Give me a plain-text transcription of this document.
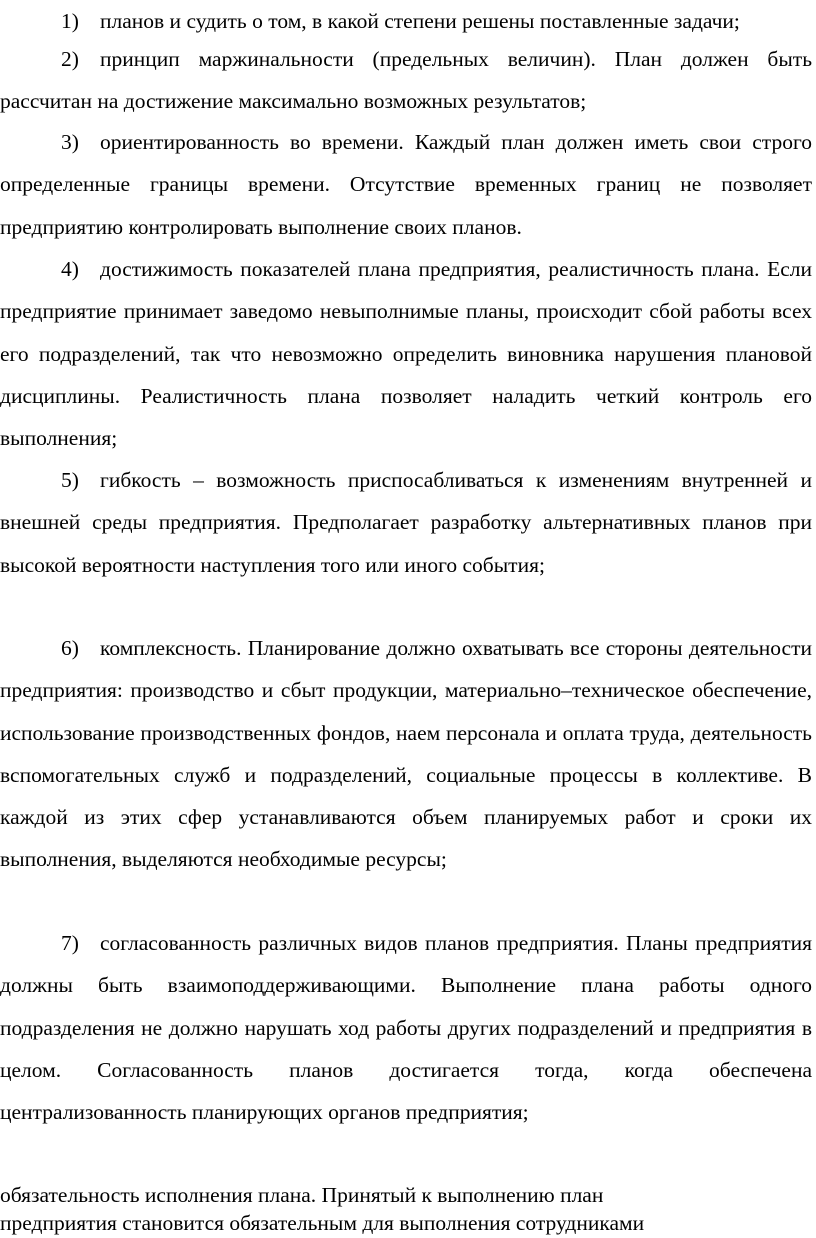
1) планов и судить о том, в какой степени решены поставленные задачи;

2) принцип маржинальности (предельных величин). План должен быть рассчитан на достижение максимально возможных результатов;

3) ориентированность во времени. Каждый план должен иметь свои строго определенные границы времени. Отсутствие временных границ не позволяет предприятию контролировать выполнение своих планов.

4) достижимость показателей плана предприятия, реалистичность плана. Если предприятие принимает заведомо невыполнимые планы, происходит сбой работы всех его подразделений, так что невозможно определить виновника нарушения плановой дисциплины. Реалистичность плана позволяет наладить четкий контроль его выполнения;

5) гибкость – возможность приспосабливаться к изменениям внутренней и внешней среды предприятия. Предполагает разработку альтернативных планов при высокой вероятности наступления того или иного события;

6) комплексность. Планирование должно охватывать все стороны деятельности предприятия: производство и сбыт продукции, материально–техническое обеспечение, использование производственных фондов, наем персонала и оплата труда, деятельность вспомогательных служб и подразделений, социальные процессы в коллективе. В каждой из этих сфер устанавливаются объем планируемых работ и сроки их выполнения, выделяются необходимые ресурсы;

7) согласованность различных видов планов предприятия. Планы предприятия должны быть взаимоподдерживающими. Выполнение плана работы одного подразделения не должно нарушать ход работы других подразделений и предприятия в целом. Согласованность планов достигается тогда, когда обеспечена централизованность планирующих органов предприятия;

обязательность исполнения плана. Принятый к выполнению план
предприятия становится обязательным для выполнения сотрудниками
